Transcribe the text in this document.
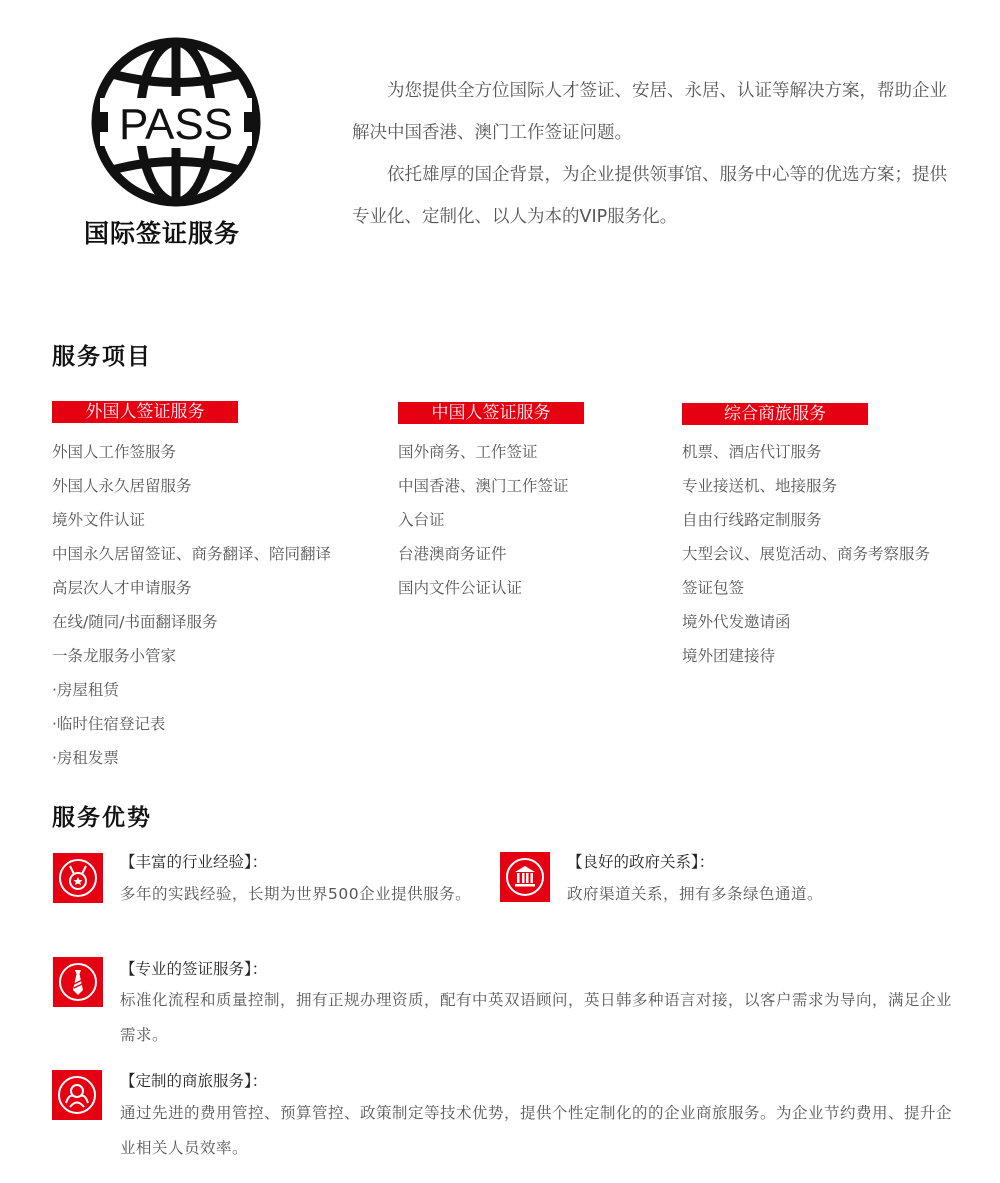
PASS
国际签证服务

为您提供全方位国际人才签证、安居、永居、认证等解决方案，帮助企业解决中国香港、澳门工作签证问题。

依托雄厚的国企背景，为企业提供领事馆、服务中心等的优选方案；提供专业化、定制化、以人为本的VIP服务化。

服务项目
外国人签证服务	中国人签证服务	综合商旅服务
外国人工作签服务
外国人永久居留服务
境外文件认证
中国永久居留签证、商务翻译、陪同翻译
高层次人才申请服务
在线/随同/书面翻译服务
一条龙服务小管家
·房屋租赁
·临时住宿登记表
·房租发票
国外商务、工作签证
中国香港、澳门工作签证
入台证
台港澳商务证件
国内文件公证认证
机票、酒店代订服务
专业接送机、地接服务
自由行线路定制服务
大型会议、展览活动、商务考察服务
签证包签
境外代发邀请函
境外团建接待
服务优势
【丰富的行业经验】：
多年的实践经验，长期为世界500企业提供服务。
【良好的政府关系】：
政府渠道关系，拥有多条绿色通道。
【专业的签证服务】：
标准化流程和质量控制，拥有正规办理资质，配有中英双语顾问，英日韩多种语言对接，以客户需求为导向，满足企业需求。
【定制的商旅服务】：
通过先进的费用管控、预算管控、政策制定等技术优势，提供个性定制化的的企业商旅服务。为企业节约费用、提升企业相关人员效率。
